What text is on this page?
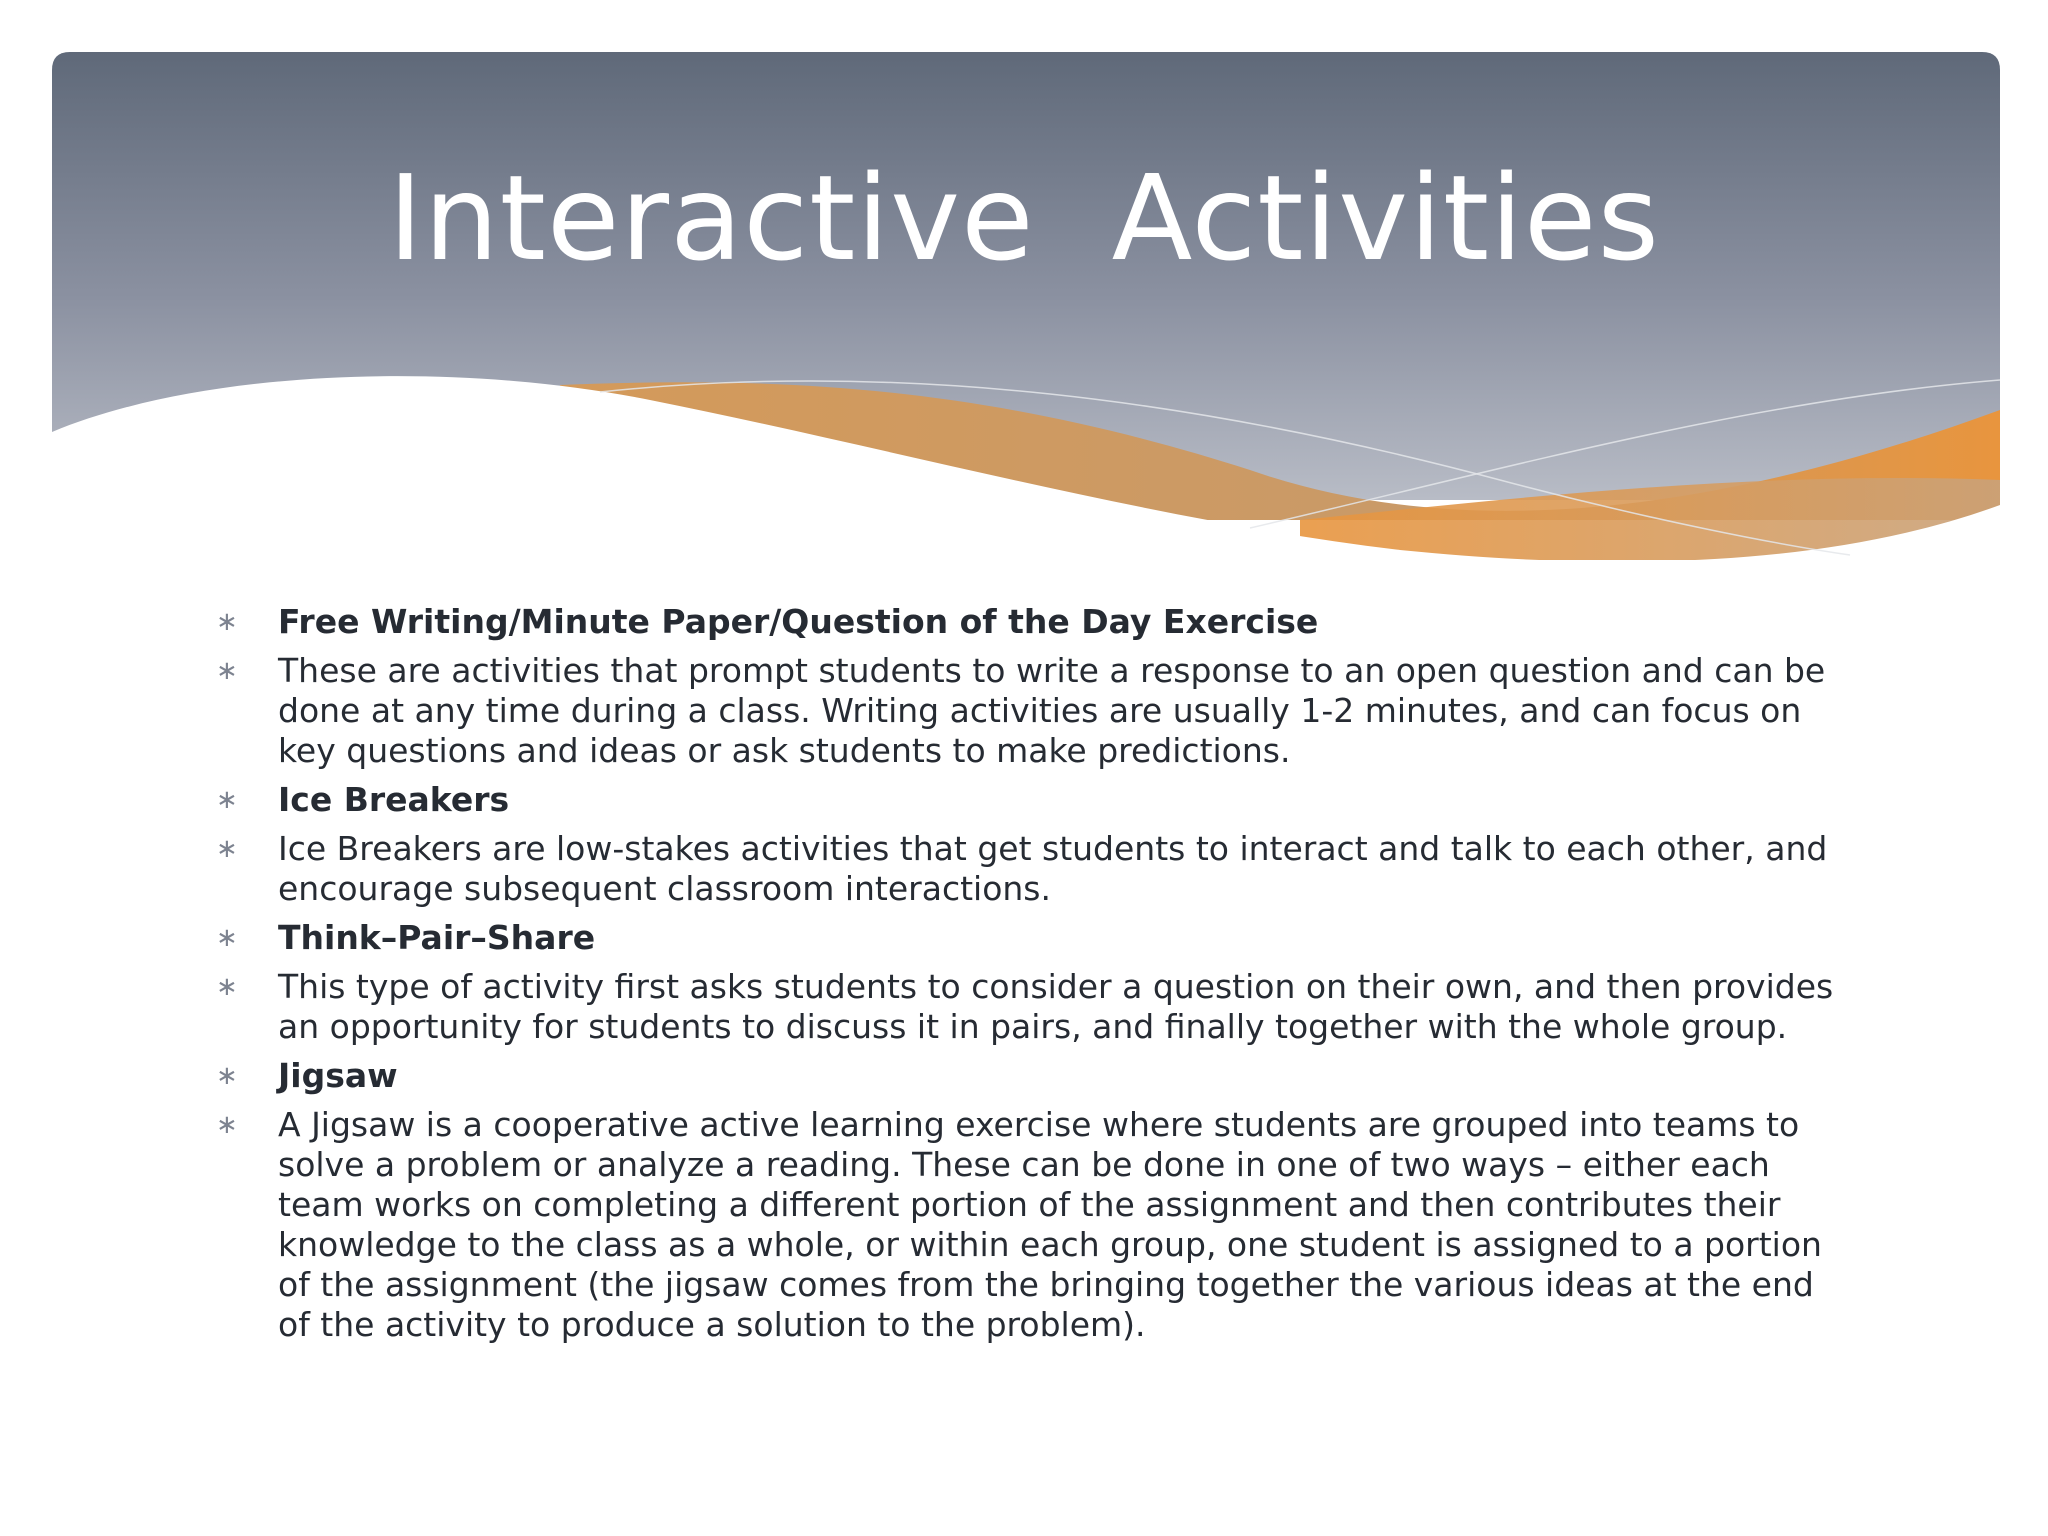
Interactive  Activities
∗ Free Writing/Minute Paper/Question of the Day Exercise
∗ These are activities that prompt students to write a response to an open question and can be done at any time during a class. Writing activities are usually 1-2 minutes, and can focus on key questions and ideas or ask students to make predictions.
∗ Ice Breakers
∗ Ice Breakers are low-stakes activities that get students to interact and talk to each other, and encourage subsequent classroom interactions.
∗ Think–Pair–Share
∗ This type of activity first asks students to consider a question on their own, and then provides an opportunity for students to discuss it in pairs, and finally together with the whole group.
∗ Jigsaw
∗ A Jigsaw is a cooperative active learning exercise where students are grouped into teams to solve a problem or analyze a reading. These can be done in one of two ways – either each team works on completing a different portion of the assignment and then contributes their knowledge to the class as a whole, or within each group, one student is assigned to a portion of the assignment (the jigsaw comes from the bringing together the various ideas at the end of the activity to produce a solution to the problem).
